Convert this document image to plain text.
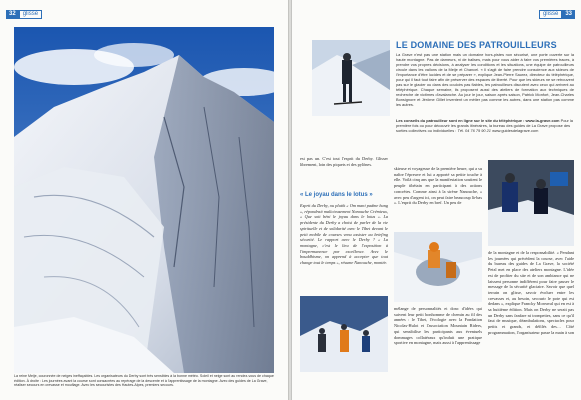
32	glisse
La reine Meije, couronnée de neiges ineffaçables. Les organisateurs du Derby sont très sensibles à la bonne météo. Soleil et neige sont au rendez-vous de chaque édition. À droite : Les journées avant la course sont consacrées au repérage de la descente et à l'apprentissage de la montagne. Avec des guides de La Grave, réaliser secours en crevasse et mouflage. Avec les secouristes des Hautes-Alpes, premiers secours.
glisse	33
LE DOMAINE DES PATROUILLEURS
La Grave n'est pas une station mais un domaine hors-pistes non sécurisé, une porte ouverte sur la haute montagne. Pas de dameurs, ni de balises, mais pour vous aider à faire vos premières traces, à prendre vos propres décisions, à analyser les conditions et les situations, une équipe de patrouilleurs circule dans les vallons de la Meije et Chancel. « Il s'agit de faire prendre conscience aux skieurs de l'importance d'être lucides et de se préparer », explique Jean-Pierre Saurez, directeur du téléphérique, pour qui il faut tout faire afin de préserver des espaces de liberté. Pour que les skieurs ne se retrouvent pas sur le glacier ou dans des couloirs pas fiables, les patrouilleurs discutent avec ceux qui arrivent au téléphérique. Chaque semaine, ils proposent aussi des ateliers de formation aux techniques de recherche de victimes d'avalanche. Au jour le jour, saison après saison, Patrick Monfort, Jean-Charles Bonsignore et Jérôme Gillet inventent un métier pas comme les autres, dans une station pas comme les autres.
Les conseils du patrouilleur sont en ligne sur le site du téléphérique : www.la-grave.com Pour la première fois ou pour découvrir les grands itinéraires, la bureau des guides de La Grave propose des sorties collectives ou individuelles : Tél. 04 76 79 90 21 www.guidesdelagrave.com
est pas un. C'est tout l'esprit du Derby. Glisser librement, loin des piquets et des pylônes.
« Le joyau dans le lotus »
Esprit du Derby, ou plutôt « Om mani padme hung », répondrait malicieusement Nanouche Crémieux, « Que soit béni le joyau dans le lotus ». La présidente du Derby a choisi de parler de la vie spirituelle et de solidarité avec le Tibet devant le petit mobile de courses venu assister au briefing sécurité. Le rapport avec le Derby ? « La montagne, c'est le lieu de l'exposition à l'impermanence par excellence. Avec le bouddhisme, on apprend à accepter que tout change tout le temps », résume Nanouche, montée.
skieuse et voyageuse de la première heure, qui a su naître l'épreuve et lui a apporté sa petite touche à elle. Voilà cinq ans que la manifestation soutient le peuple tibétain en participant à des actions concrètes. Comme ainsi à la sirène Nanouche, « avec peu d'argent ici, on peut faire beaucoup là-bas ». L'esprit du Derby en bref. Un peu de
mélange de personnalités et donc d'idées qui suivent leur petit bonhomme de chemin au fil des années : le Tibet, l'écologie avec la Fondation Nicolas-Hulot et l'association Mountain Riders, qui sensibilise les participants aux éventuels dommages collatéraux qu'induit une pratique sportive en montagne, mais aussi à l'apprentissage
de la montagne et de la responsabilité. « Pendant les journées qui précèdent la course, avec l'aide du bureau des guides de La Grave, la société Petzl met en place des ateliers montagne. L'idée est de profiter du site et de son ambiance qui ne laissent personne indifférent pour faire passer le message de la sécurité glaciaire. Savoir que quel terrain on glisse, savoir évoluer entre les crevasses et, au besoin, secourir le pote qui est dedans », explique Francky Moreaval qui en est à sa huitième édition. Mais on Derby ne serait pas un Derby sans fanfare ni trompettes, sans ce qu'il faut de musique, déambulations, spectacles pour petits et grands, et défilés des… Côté programmation, l'organisateur passe la main à son
